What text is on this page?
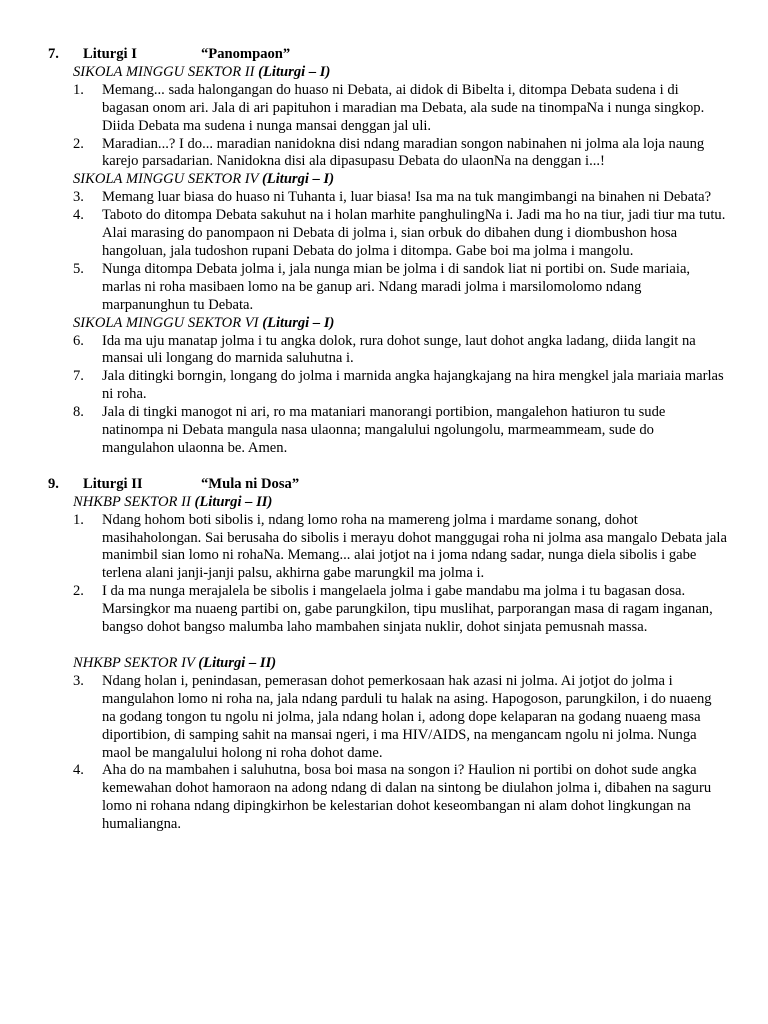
7.	Liturgi I	“Panompaon”
SIKOLA MINGGU SEKTOR II (Liturgi – I)
1.	Memang... sada halongangan do huaso ni Debata, ai didok di Bibelta i, ditompa Debata sudena i di bagasan onom ari. Jala di ari papituhon i maradian ma Debata, ala sude na tinompaNa i nunga singkop. Diida Debata ma sudena i nunga mansai denggan jal uli.
2.	Maradian...? I do... maradian nanidokna disi ndang maradian songon nabinahen ni jolma ala loja naung karejo parsadarian. Nanidokna disi ala dipasupasu Debata do ulaonNa na denggan i...!
SIKOLA MINGGU SEKTOR IV (Liturgi – I)
3.	Memang luar biasa do huaso ni Tuhanta i, luar biasa! Isa ma na tuk mangimbangi na binahen ni Debata?
4.	Taboto do ditompa Debata sakuhut na i holan marhite panghulingNa i. Jadi ma ho na tiur, jadi tiur ma tutu. Alai marasing do panompaon ni Debata di jolma i, sian orbuk do dibahen dung i diombushon hosa hangoluan, jala tudoshon rupani Debata do jolma i ditompa. Gabe boi ma jolma i mangolu.
5.	Nunga ditompa Debata jolma i, jala nunga mian be jolma i di sandok liat ni portibi on. Sude mariaia, marlas ni roha masibaen lomo na be ganup ari. Ndang maradi jolma i marsilomolomo ndang marpanunghun tu Debata.
SIKOLA MINGGU SEKTOR VI (Liturgi – I)
6.	Ida ma uju manatap jolma i tu angka dolok, rura dohot sunge, laut dohot angka ladang, diida langit na mansai uli longang do marnida saluhutna i.
7.	Jala ditingki borngin, longang do jolma i marnida angka hajangkajang na hira mengkel jala mariaia marlas ni roha.
8.	Jala di tingki manogot ni ari, ro ma mataniari manorangi portibion, mangalehon hatiuron tu sude natinompa ni Debata mangula nasa ulaonna; mangalului ngolungolu, marmeammeam, sude do mangulahon ulaonna be. Amen.
9.	Liturgi II	“Mula ni Dosa”
NHKBP SEKTOR II (Liturgi – II)
1.	Ndang hohom boti sibolis i, ndang lomo roha na mamereng jolma i mardame sonang, dohot masihaholongan. Sai berusaha do sibolis i merayu dohot manggugai roha ni jolma asa mangalo Debata jala manimbil sian lomo ni rohaNa. Memang... alai jotjot na i joma ndang sadar, nunga diela sibolis i gabe terlena alani janji-janji palsu, akhirna gabe marungkil ma jolma i.
2.	I da ma nunga merajalela be sibolis i mangelaela jolma i gabe mandabu ma jolma i tu bagasan dosa. Marsingkor ma nuaeng partibi on, gabe parungkilon, tipu muslihat, parporangan masa di ragam inganan, bangso dohot bangso malumba laho mambahen sinjata nuklir, dohot sinjata pemusnah massa.
NHKBP SEKTOR IV (Liturgi – II)
3.	Ndang holan i, penindasan, pemerasan dohot pemerkosaan hak azasi ni jolma. Ai jotjot do jolma i mangulahon lomo ni roha na, jala ndang parduli tu halak na asing. Hapogoson, parungkilon, i do nuaeng na godang tongon tu ngolu ni jolma, jala ndang holan i, adong dope kelaparan na godang nuaeng masa diportibion, di samping sahit na mansai ngeri, i ma HIV/AIDS, na mengancam ngolu ni jolma. Nunga maol be mangalului holong ni roha dohot dame.
4.	Aha do na mambahen i saluhutna, bosa boi masa na songon i? Haulion ni portibi on dohot sude angka kemewahan dohot hamoraon na adong ndang di dalan na sintong be diulahon jolma i, dibahen na saguru lomo ni rohana ndang dipingkirhon be kelestarian dohot keseombangan ni alam dohot lingkungan na humaliangna.
